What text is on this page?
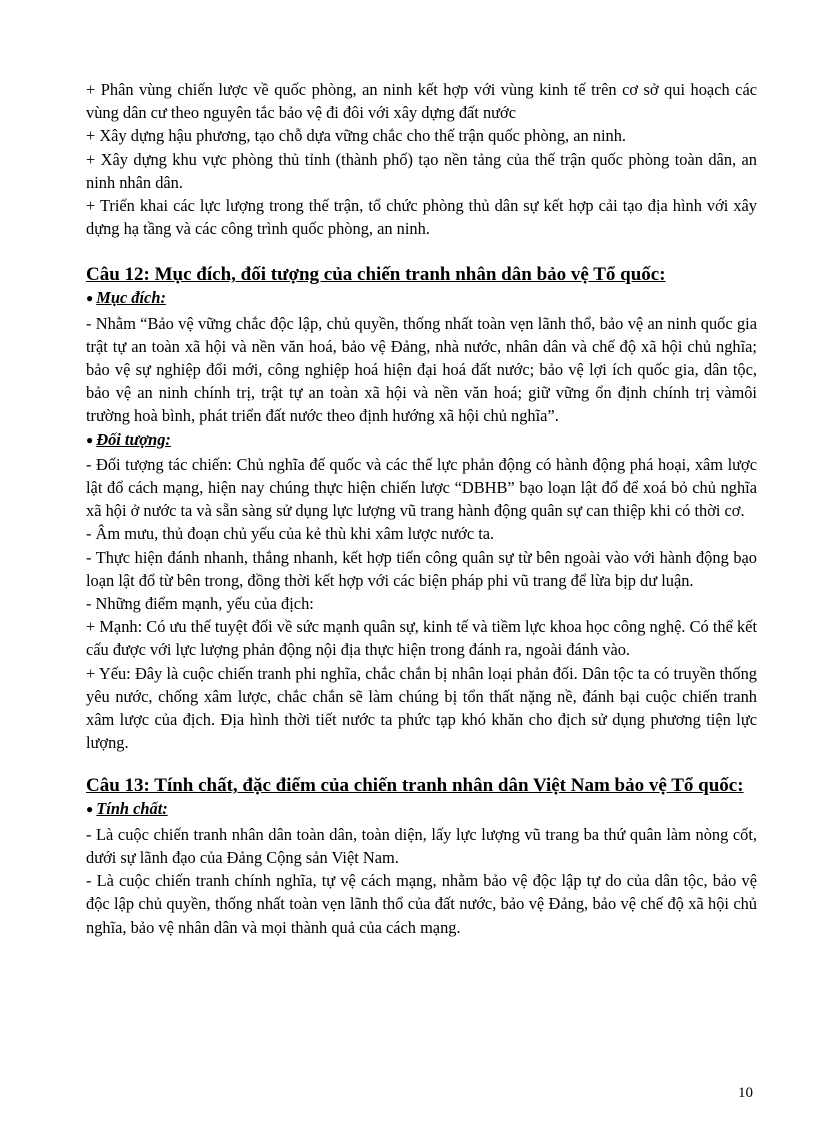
+ Phân vùng chiến lược về quốc phòng, an ninh kết hợp với vùng kinh tế trên cơ sở qui hoạch các vùng dân cư theo nguyên tắc bảo vệ đi đôi với xây dựng đất nước

+ Xây dựng hậu phương, tạo chỗ dựa vững chắc cho thế trận quốc phòng, an ninh.

+ Xây dựng khu vực phòng thủ tỉnh (thành phố) tạo nền tảng của thế trận quốc phòng toàn dân, an ninh nhân dân.

+ Triển khai các lực lượng trong thế trận, tổ chức phòng thủ dân sự kết hợp cải tạo địa hình với xây dựng hạ tầng và các công trình quốc phòng, an ninh.

Câu 12: Mục đích, đối tượng của chiến tranh nhân dân bảo vệ Tổ quốc:

● Mục đích:

- Nhằm “Bảo vệ vững chắc độc lập, chủ quyền, thống nhất toàn vẹn lãnh thổ, bảo vệ an ninh quốc gia trật tự an toàn xã hội và nền văn hoá, bảo vệ Đảng, nhà nước, nhân dân và chế độ xã hội chủ nghĩa; bảo vệ sự nghiệp đổi mới, công nghiệp hoá hiện đại hoá đất nước; bảo vệ lợi ích quốc gia, dân tộc, bảo vệ an ninh chính trị, trật tự an toàn xã hội và nền văn hoá; giữ vững ổn định chính trị vàmôi trường hoà bình, phát triển đất nước theo định hướng xã hội chủ nghĩa”.

● Đối tượng:

- Đối tượng tác chiến: Chủ nghĩa đế quốc và các thế lực phản động có hành động phá hoại, xâm lược lật đổ cách mạng, hiện nay chúng thực hiện chiến lược “DBHB” bạo loạn lật đổ để xoá bỏ chủ nghĩa xã hội ở nước ta và sẵn sàng sử dụng lực lượng vũ trang hành động quân sự can thiệp khi có thời cơ.

- Âm mưu, thủ đoạn chủ yếu của kẻ thù khi xâm lược nước ta.

- Thực hiện đánh nhanh, thắng nhanh, kết hợp tiến công quân sự từ bên ngoài vào với hành động bạo loạn lật đổ từ bên trong, đồng thời kết hợp với các biện pháp phi vũ trang để lừa bịp dư luận.

- Những điểm mạnh, yếu của địch:

+ Mạnh: Có ưu thế tuyệt đối về sức mạnh quân sự, kinh tế và tiềm lực khoa học công nghệ. Có thể kết cấu được với lực lượng phản động nội địa thực hiện trong đánh ra, ngoài đánh vào.

+ Yếu: Đây là cuộc chiến tranh phi nghĩa, chắc chắn bị nhân loại phản đối. Dân tộc ta có truyền thống yêu nước, chống xâm lược, chắc chắn sẽ làm chúng bị tổn thất nặng nề, đánh bại cuộc chiến tranh xâm lược của địch. Địa hình thời tiết nước ta phức tạp khó khăn cho địch sử dụng phương tiện lực lượng.

Câu 13: Tính chất, đặc điểm của chiến tranh nhân dân Việt Nam bảo vệ Tổ quốc:

● Tính chất:

- Là cuộc chiến tranh nhân dân toàn dân, toàn diện, lấy lực lượng vũ trang ba thứ quân làm nòng cốt, dưới sự lãnh đạo của Đảng Cộng sản Việt Nam.

- Là cuộc chiến tranh chính nghĩa, tự vệ cách mạng, nhằm bảo vệ độc lập tự do của dân tộc, bảo vệ độc lập chủ quyền, thống nhất toàn vẹn lãnh thổ của đất nước, bảo vệ Đảng, bảo vệ chế độ xã hội chủ nghĩa, bảo vệ nhân dân và mọi thành quả của cách mạng.

10
